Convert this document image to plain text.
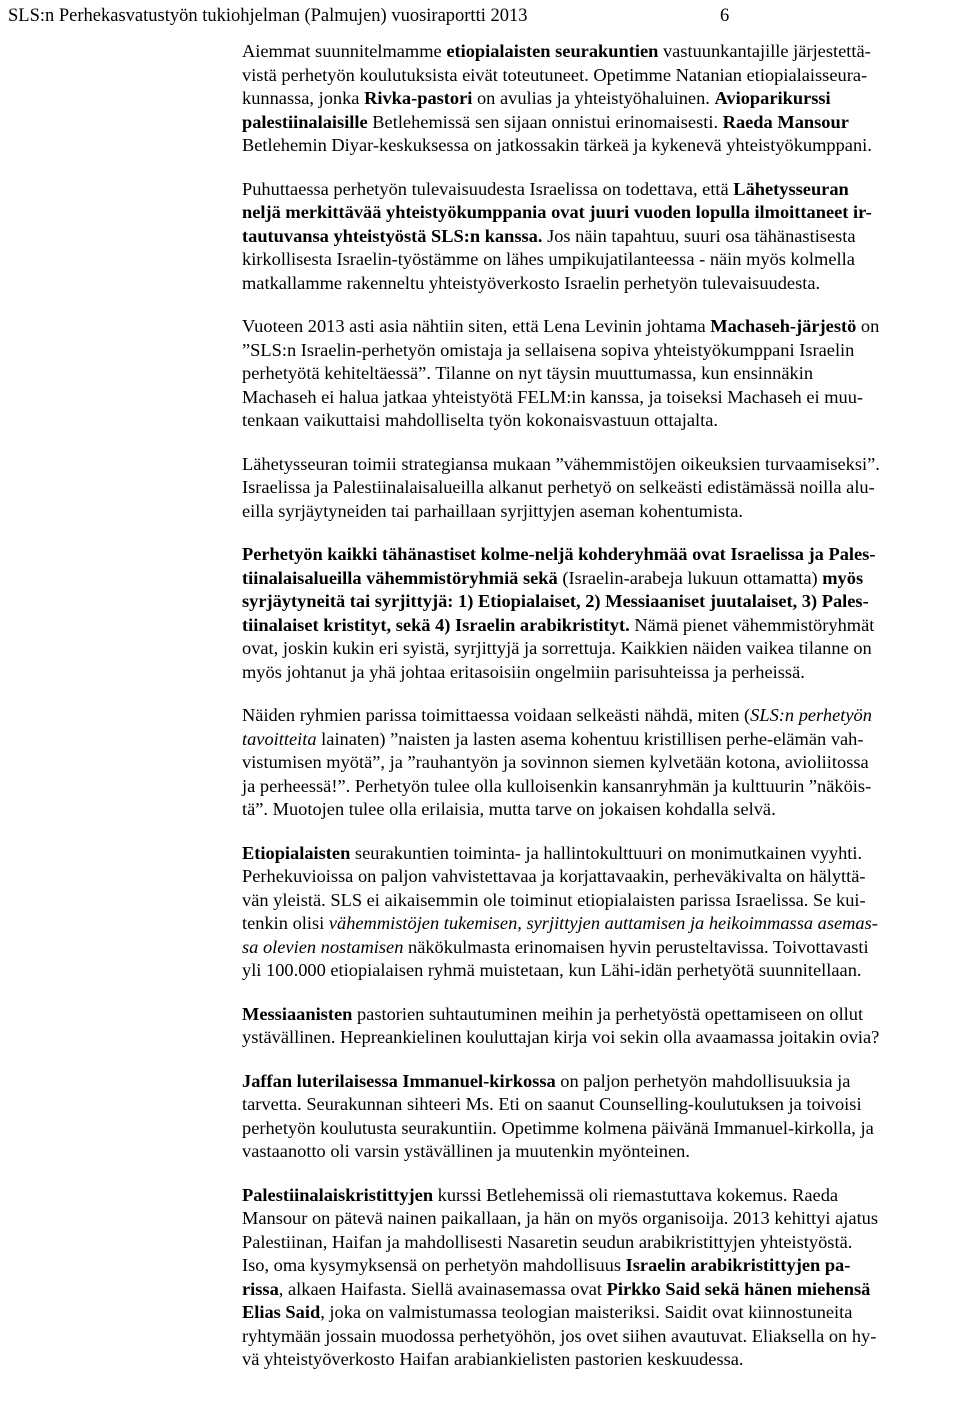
SLS:n Perhekasvatustyön tukiohjelman (Palmujen) vuosiraportti 2013	6

Aiemmat suunnitelmamme etiopialaisten seurakuntien vastuunkantajille järjestettä-
vistä perhetyön koulutuksista eivät toteutuneet. Opetimme Natanian etiopialaisseura-
kunnassa, jonka Rivka-pastori on avulias ja yhteistyöhaluinen. Avioparikurssi
palestiinalaisille Betlehemissä sen sijaan onnistui erinomaisesti. Raeda Mansour
Betlehemin Diyar-keskuksessa on jatkossakin tärkeä ja kykenevä yhteistyökumppani.

Puhuttaessa perhetyön tulevaisuudesta Israelissa on todettava, että Lähetysseuran
neljä merkittävää yhteistyökumppania ovat juuri vuoden lopulla ilmoittaneet ir-
tautuvansa yhteistyöstä SLS:n kanssa. Jos näin tapahtuu, suuri osa tähänastisesta
kirkollisesta Israelin-työstämme on lähes umpikujatilanteessa - näin myös kolmella
matkallamme rakenneltu yhteistyöverkosto Israelin perhetyön tulevaisuudesta.

Vuoteen 2013 asti asia nähtiin siten, että Lena Levinin johtama Machaseh-järjestö on
”SLS:n Israelin-perhetyön omistaja ja sellaisena sopiva yhteistyökumppani Israelin
perhetyötä kehiteltäessä”. Tilanne on nyt täysin muuttumassa, kun ensinnäkin
Machaseh ei halua jatkaa yhteistyötä FELM:in kanssa, ja toiseksi Machaseh ei muu-
tenkaan vaikuttaisi mahdolliselta työn kokonaisvastuun ottajalta.

Lähetysseuran toimii strategiansa mukaan ”vähemmistöjen oikeuksien turvaamiseksi”.
Israelissa ja Palestiinalaisalueilla alkanut perhetyö on selkeästi edistämässä noilla alu-
eilla syrjäytyneiden tai parhaillaan syrjittyjen aseman kohentumista.

Perhetyön kaikki tähänastiset kolme-neljä kohderyhmää ovat Israelissa ja Pales-
tiinalaisalueilla vähemmistöryhmiä sekä (Israelin-arabeja lukuun ottamatta) myös
syrjäytyneitä tai syrjittyjä: 1) Etiopialaiset, 2) Messiaaniset juutalaiset, 3) Pales-
tiinalaiset kristityt, sekä 4) Israelin arabikristityt. Nämä pienet vähemmistöryhmät
ovat, joskin kukin eri syistä, syrjittyjä ja sorrettuja. Kaikkien näiden vaikea tilanne on
myös johtanut ja yhä johtaa eritasoisiin ongelmiin parisuhteissa ja perheissä.

Näiden ryhmien parissa toimittaessa voidaan selkeästi nähdä, miten (SLS:n perhetyön
tavoitteita lainaten) ”naisten ja lasten asema kohentuu kristillisen perhe-elämän vah-
vistumisen myötä”, ja ”rauhantyön ja sovinnon siemen kylvetään kotona, avioliitossa
ja perheessä!”. Perhetyön tulee olla kulloisenkin kansanryhmän ja kulttuurin ”näköis-
tä”. Muotojen tulee olla erilaisia, mutta tarve on jokaisen kohdalla selvä.

Etiopialaisten seurakuntien toiminta- ja hallintokulttuuri on monimutkainen vyyhti.
Perhekuvioissa on paljon vahvistettavaa ja korjattavaakin, perheväkivalta on hälyttä-
vän yleistä. SLS ei aikaisemmin ole toiminut etiopialaisten parissa Israelissa. Se kui-
tenkin olisi vähemmistöjen tukemisen, syrjittyjen auttamisen ja heikoimmassa asemas-
sa olevien nostamisen näkökulmasta erinomaisen hyvin perusteltavissa. Toivottavasti
yli 100.000 etiopialaisen ryhmä muistetaan, kun Lähi-idän perhetyötä suunnitellaan.

Messiaanisten pastorien suhtautuminen meihin ja perhetyöstä opettamiseen on ollut
ystävällinen. Hepreankielinen kouluttajan kirja voi sekin olla avaamassa joitakin ovia?

Jaffan luterilaisessa Immanuel-kirkossa on paljon perhetyön mahdollisuuksia ja
tarvetta. Seurakunnan sihteeri Ms. Eti on saanut Counselling-koulutuksen ja toivoisi
perhetyön koulutusta seurakuntiin. Opetimme kolmena päivänä Immanuel-kirkolla, ja
vastaanotto oli varsin ystävällinen ja muutenkin myönteinen.

Palestiinalaiskristittyjen kurssi Betlehemissä oli riemastuttava kokemus. Raeda
Mansour on pätevä nainen paikallaan, ja hän on myös organisoija. 2013 kehittyi ajatus
Palestiinan, Haifan ja mahdollisesti Nasaretin seudun arabikristittyjen yhteistyöstä.
Iso, oma kysymyksensä on perhetyön mahdollisuus Israelin arabikristittyjen pa-
rissa, alkaen Haifasta. Siellä avainasemassa ovat Pirkko Said sekä hänen miehensä
Elias Said, joka on valmistumassa teologian maisteriksi. Saidit ovat kiinnostuneita
ryhtymään jossain muodossa perhetyöhön, jos ovet siihen avautuvat. Eliaksella on hy-
vä yhteistyöverkosto Haifan arabiankielisten pastorien keskuudessa.
